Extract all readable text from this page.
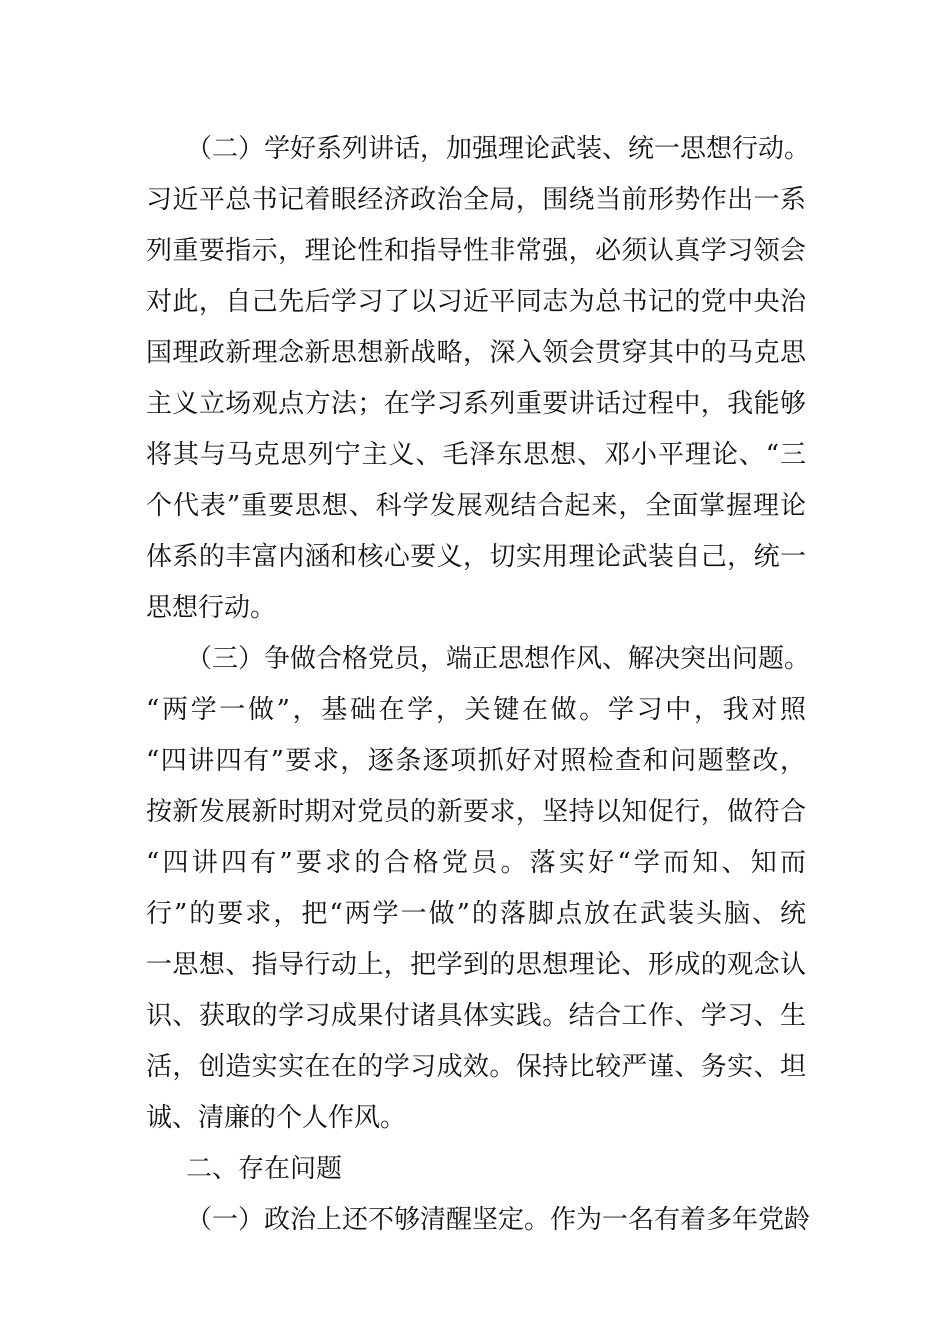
（二）学好系列讲话，加强理论武装、统一思想行动。
习近平总书记着眼经济政治全局，围绕当前形势作出一系
列重要指示，理论性和指导性非常强，必须认真学习领会
对此，自己先后学习了以习近平同志为总书记的党中央治
国理政新理念新思想新战略，深入领会贯穿其中的马克思
主义立场观点方法；在学习系列重要讲话过程中，我能够
将其与马克思列宁主义、毛泽东思想、邓小平理论、“三
个代表”重要思想、科学发展观结合起来，全面掌握理论
体系的丰富内涵和核心要义，切实用理论武装自己，统一
思想行动。
（三）争做合格党员，端正思想作风、解决突出问题。
“两学一做”，基础在学，关键在做。学习中，我对照
“四讲四有”要求，逐条逐项抓好对照检查和问题整改，
按新发展新时期对党员的新要求，坚持以知促行，做符合
“四讲四有”要求的合格党员。落实好“学而知、知而
行”的要求，把“两学一做”的落脚点放在武装头脑、统
一思想、指导行动上，把学到的思想理论、形成的观念认
识、获取的学习成果付诸具体实践。结合工作、学习、生
活，创造实实在在的学习成效。保持比较严谨、务实、坦
诚、清廉的个人作风。
二、存在问题
（一）政治上还不够清醒坚定。作为一名有着多年党龄
